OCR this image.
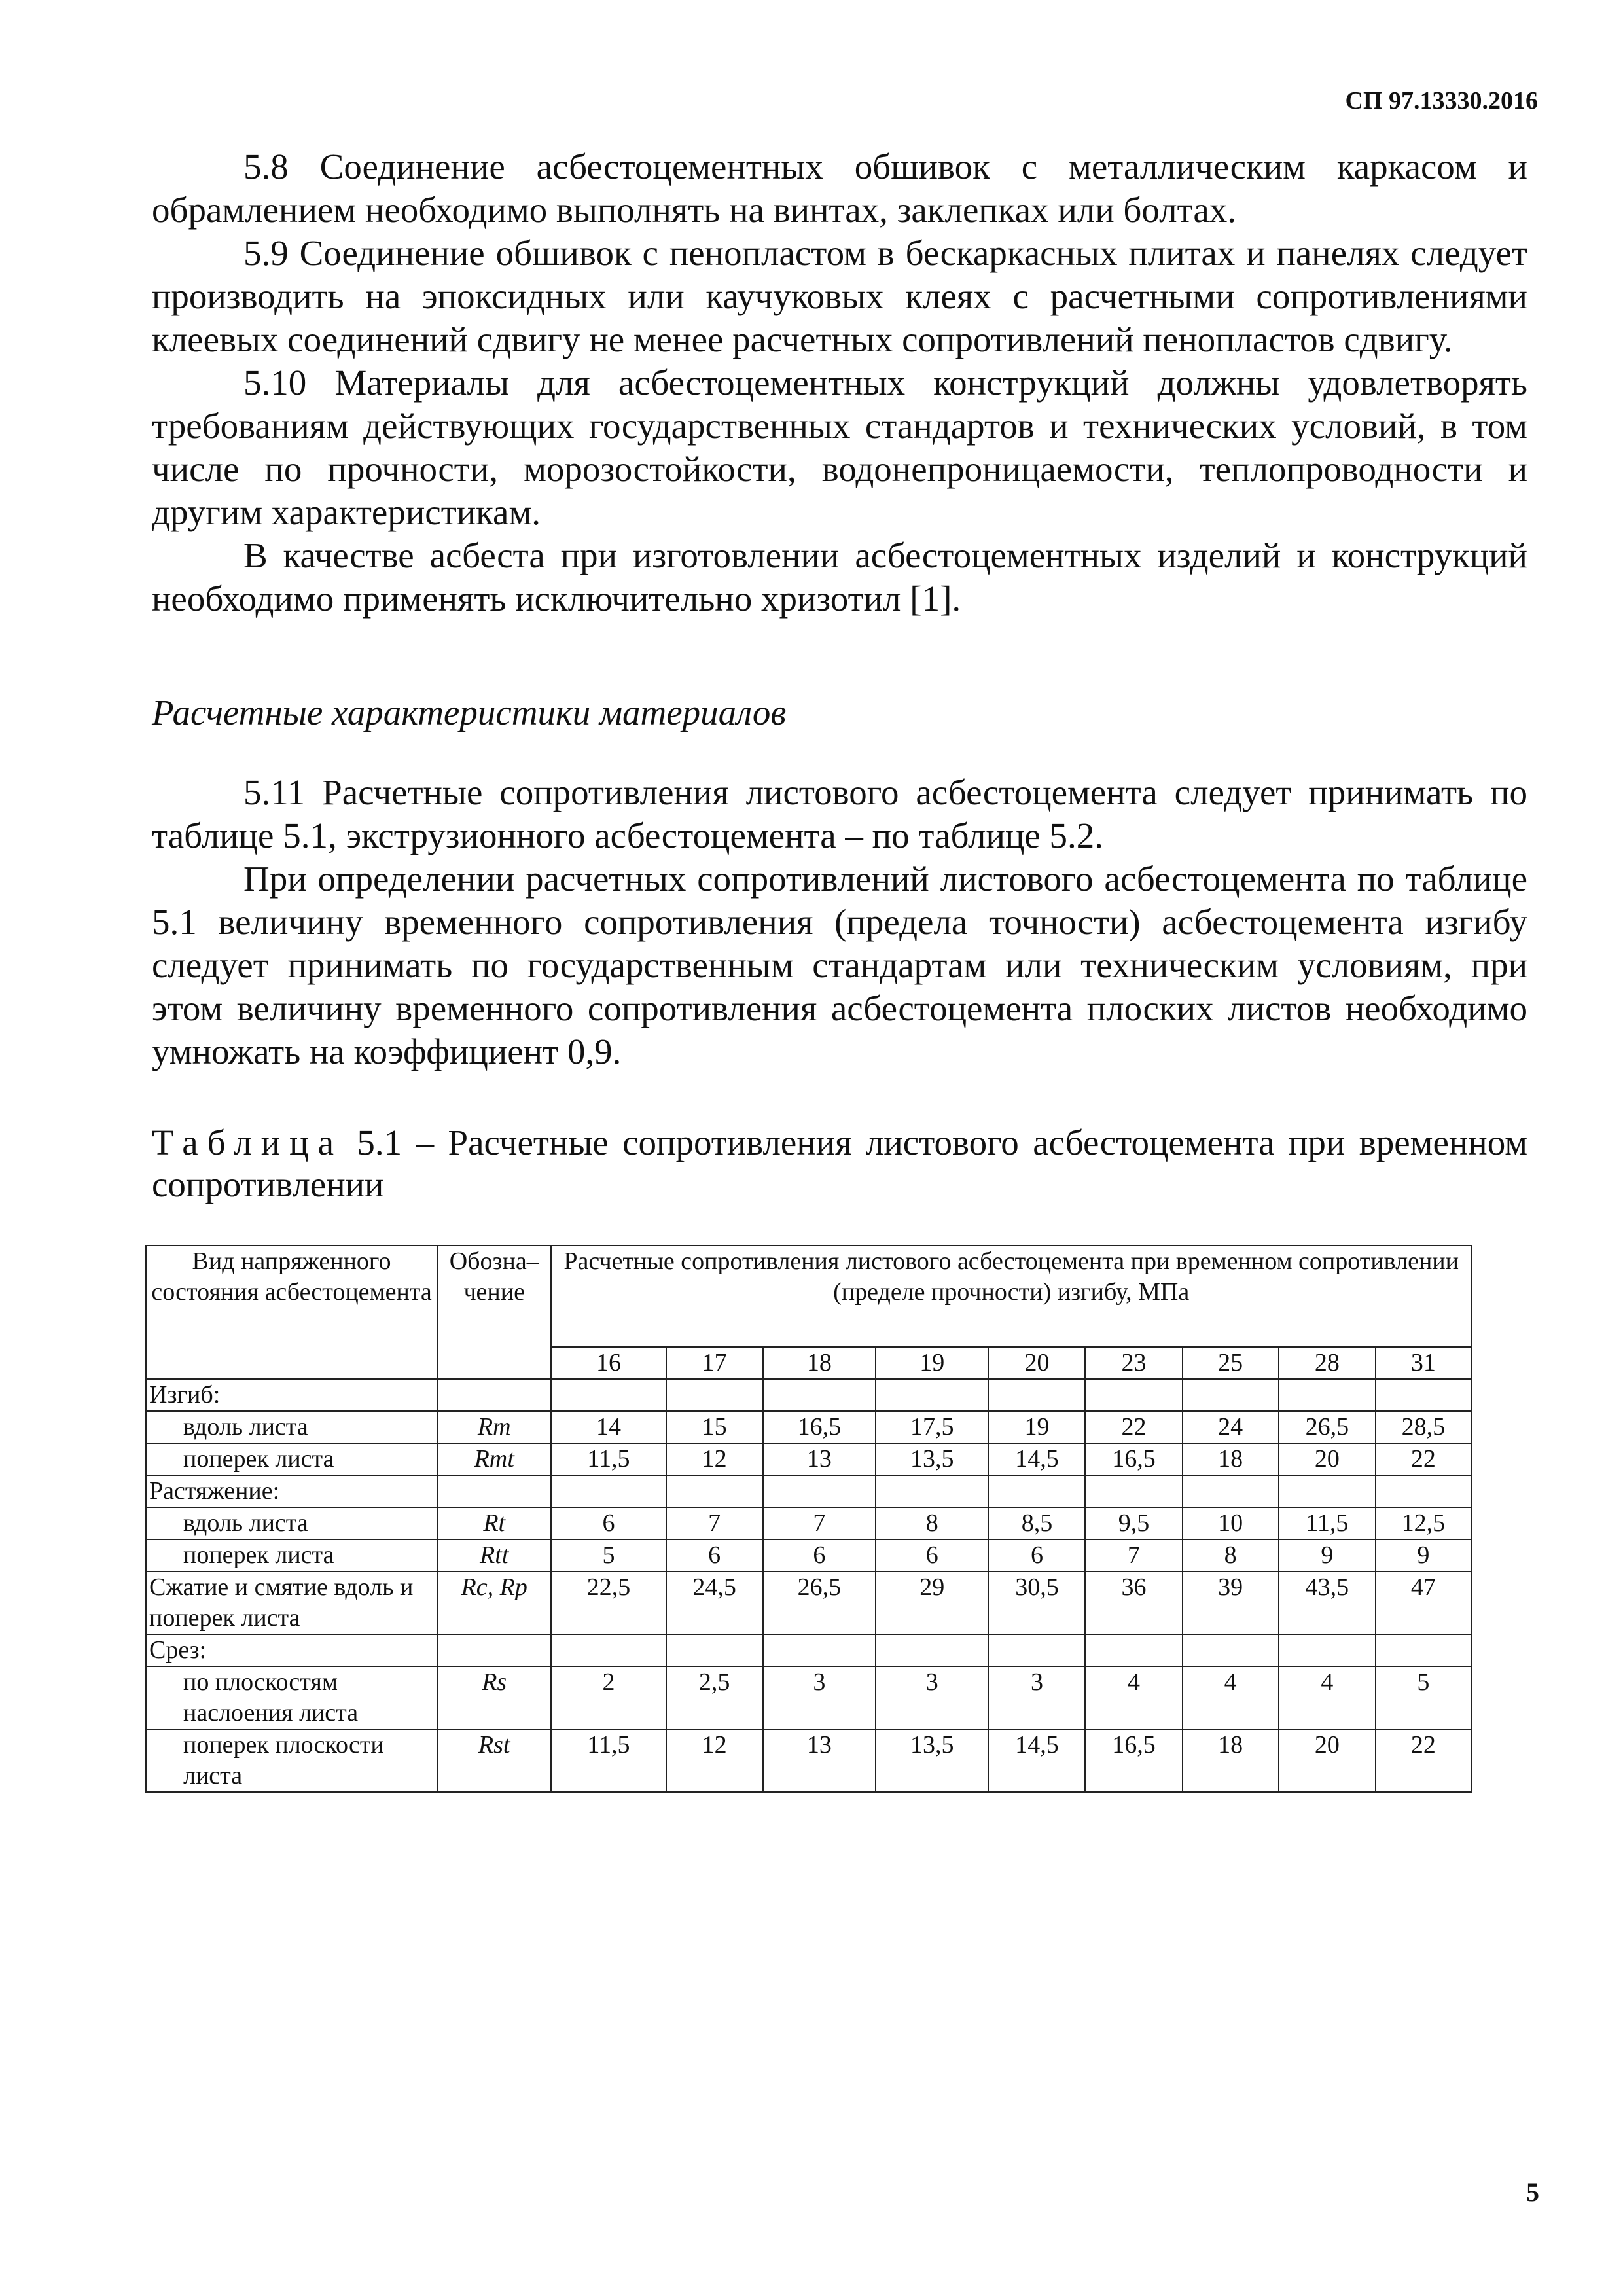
СП 97.13330.2016

5.8 Соединение асбестоцементных обшивок с металлическим каркасом и обрамлением необходимо выполнять на винтах, заклепках или болтах.

5.9 Соединение обшивок с пенопластом в бескаркасных плитах и панелях следует производить на эпоксидных или каучуковых клеях с расчетными сопротивлениями клеевых соединений сдвигу не менее расчетных сопротивлений пенопластов сдвигу.

5.10 Материалы для асбестоцементных конструкций должны удовлетворять требованиям действующих государственных стандартов и технических условий, в том числе по прочности, морозостойкости, водонепроницаемости, теплопроводности и другим характеристикам.

В качестве асбеста при изготовлении асбестоцементных изделий и конструкций необходимо применять исключительно хризотил [1].

Расчетные характеристики материалов

5.11 Расчетные сопротивления листового асбестоцемента следует принимать по таблице 5.1, экструзионного асбестоцемента – по таблице 5.2.

При определении расчетных сопротивлений листового асбестоцемента по таблице 5.1 величину временного сопротивления (предела точности) асбестоцемента изгибу следует принимать по государственным стандартам или техническим условиям, при этом величину временного сопротивления асбестоцемента плоских листов необходимо умножать на коэффициент 0,9.

Таблица 5.1 – Расчетные сопротивления листового асбестоцемента при временном сопротивлении

Вид напряженного состояния асбестоцемента	Обозна– чение	Расчетные сопротивления листового асбестоцемента при временном сопротивлении (пределе прочности) изгибу, МПа								
		16	17	18	19	20	23	25	28	31
Изгиб:										
вдоль листа	Rm	14	15	16,5	17,5	19	22	24	26,5	28,5
поперек листа	Rmt	11,5	12	13	13,5	14,5	16,5	18	20	22
Растяжение:										
вдоль листа	Rt	6	7	7	8	8,5	9,5	10	11,5	12,5
поперек листа	Rtt	5	6	6	6	6	7	8	9	9
Сжатие и смятие вдоль и поперек листа	Rc, Rp	22,5	24,5	26,5	29	30,5	36	39	43,5	47
Срез:										
по плоскостям наслоения листа	Rs	2	2,5	3	3	3	4	4	4	5
поперек плоскости листа	Rst	11,5	12	13	13,5	14,5	16,5	18	20	22
5
